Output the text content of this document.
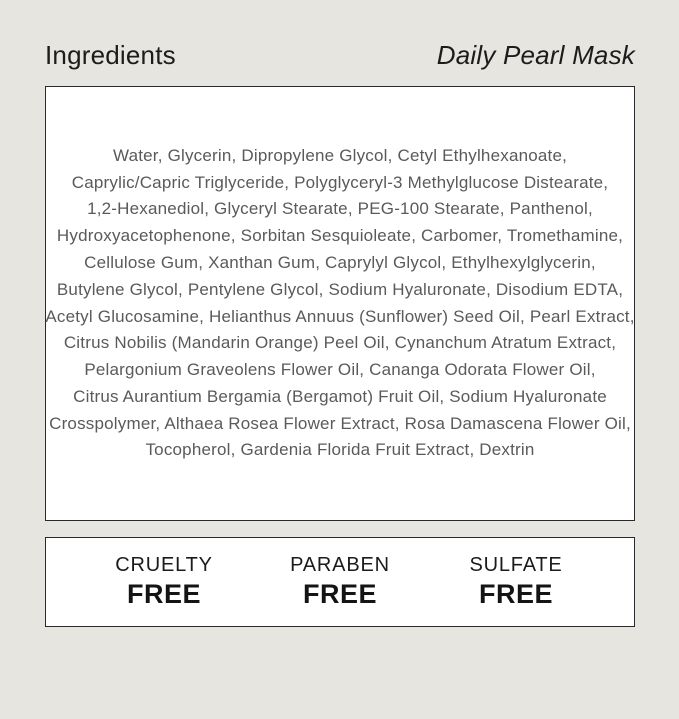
Ingredients	Daily Pearl Mask
Water, Glycerin, Dipropylene Glycol, Cetyl Ethylhexanoate,
Caprylic/Capric Triglyceride, Polyglyceryl-3 Methylglucose Distearate,
1,2-Hexanediol, Glyceryl Stearate, PEG-100 Stearate, Panthenol,
Hydroxyacetophenone, Sorbitan Sesquioleate, Carbomer, Tromethamine,
Cellulose Gum, Xanthan Gum, Caprylyl Glycol, Ethylhexylglycerin,
Butylene Glycol, Pentylene Glycol, Sodium Hyaluronate, Disodium EDTA,
Acetyl Glucosamine, Helianthus Annuus (Sunflower) Seed Oil, Pearl Extract,
Citrus Nobilis (Mandarin Orange) Peel Oil, Cynanchum Atratum Extract,
Pelargonium Graveolens Flower Oil, Cananga Odorata Flower Oil,
Citrus Aurantium Bergamia (Bergamot) Fruit Oil, Sodium Hyaluronate
Crosspolymer, Althaea Rosea Flower Extract, Rosa Damascena Flower Oil,
Tocopherol, Gardenia Florida Fruit Extract, Dextrin
CRUELTY
FREE
PARABEN
FREE
SULFATE
FREE
